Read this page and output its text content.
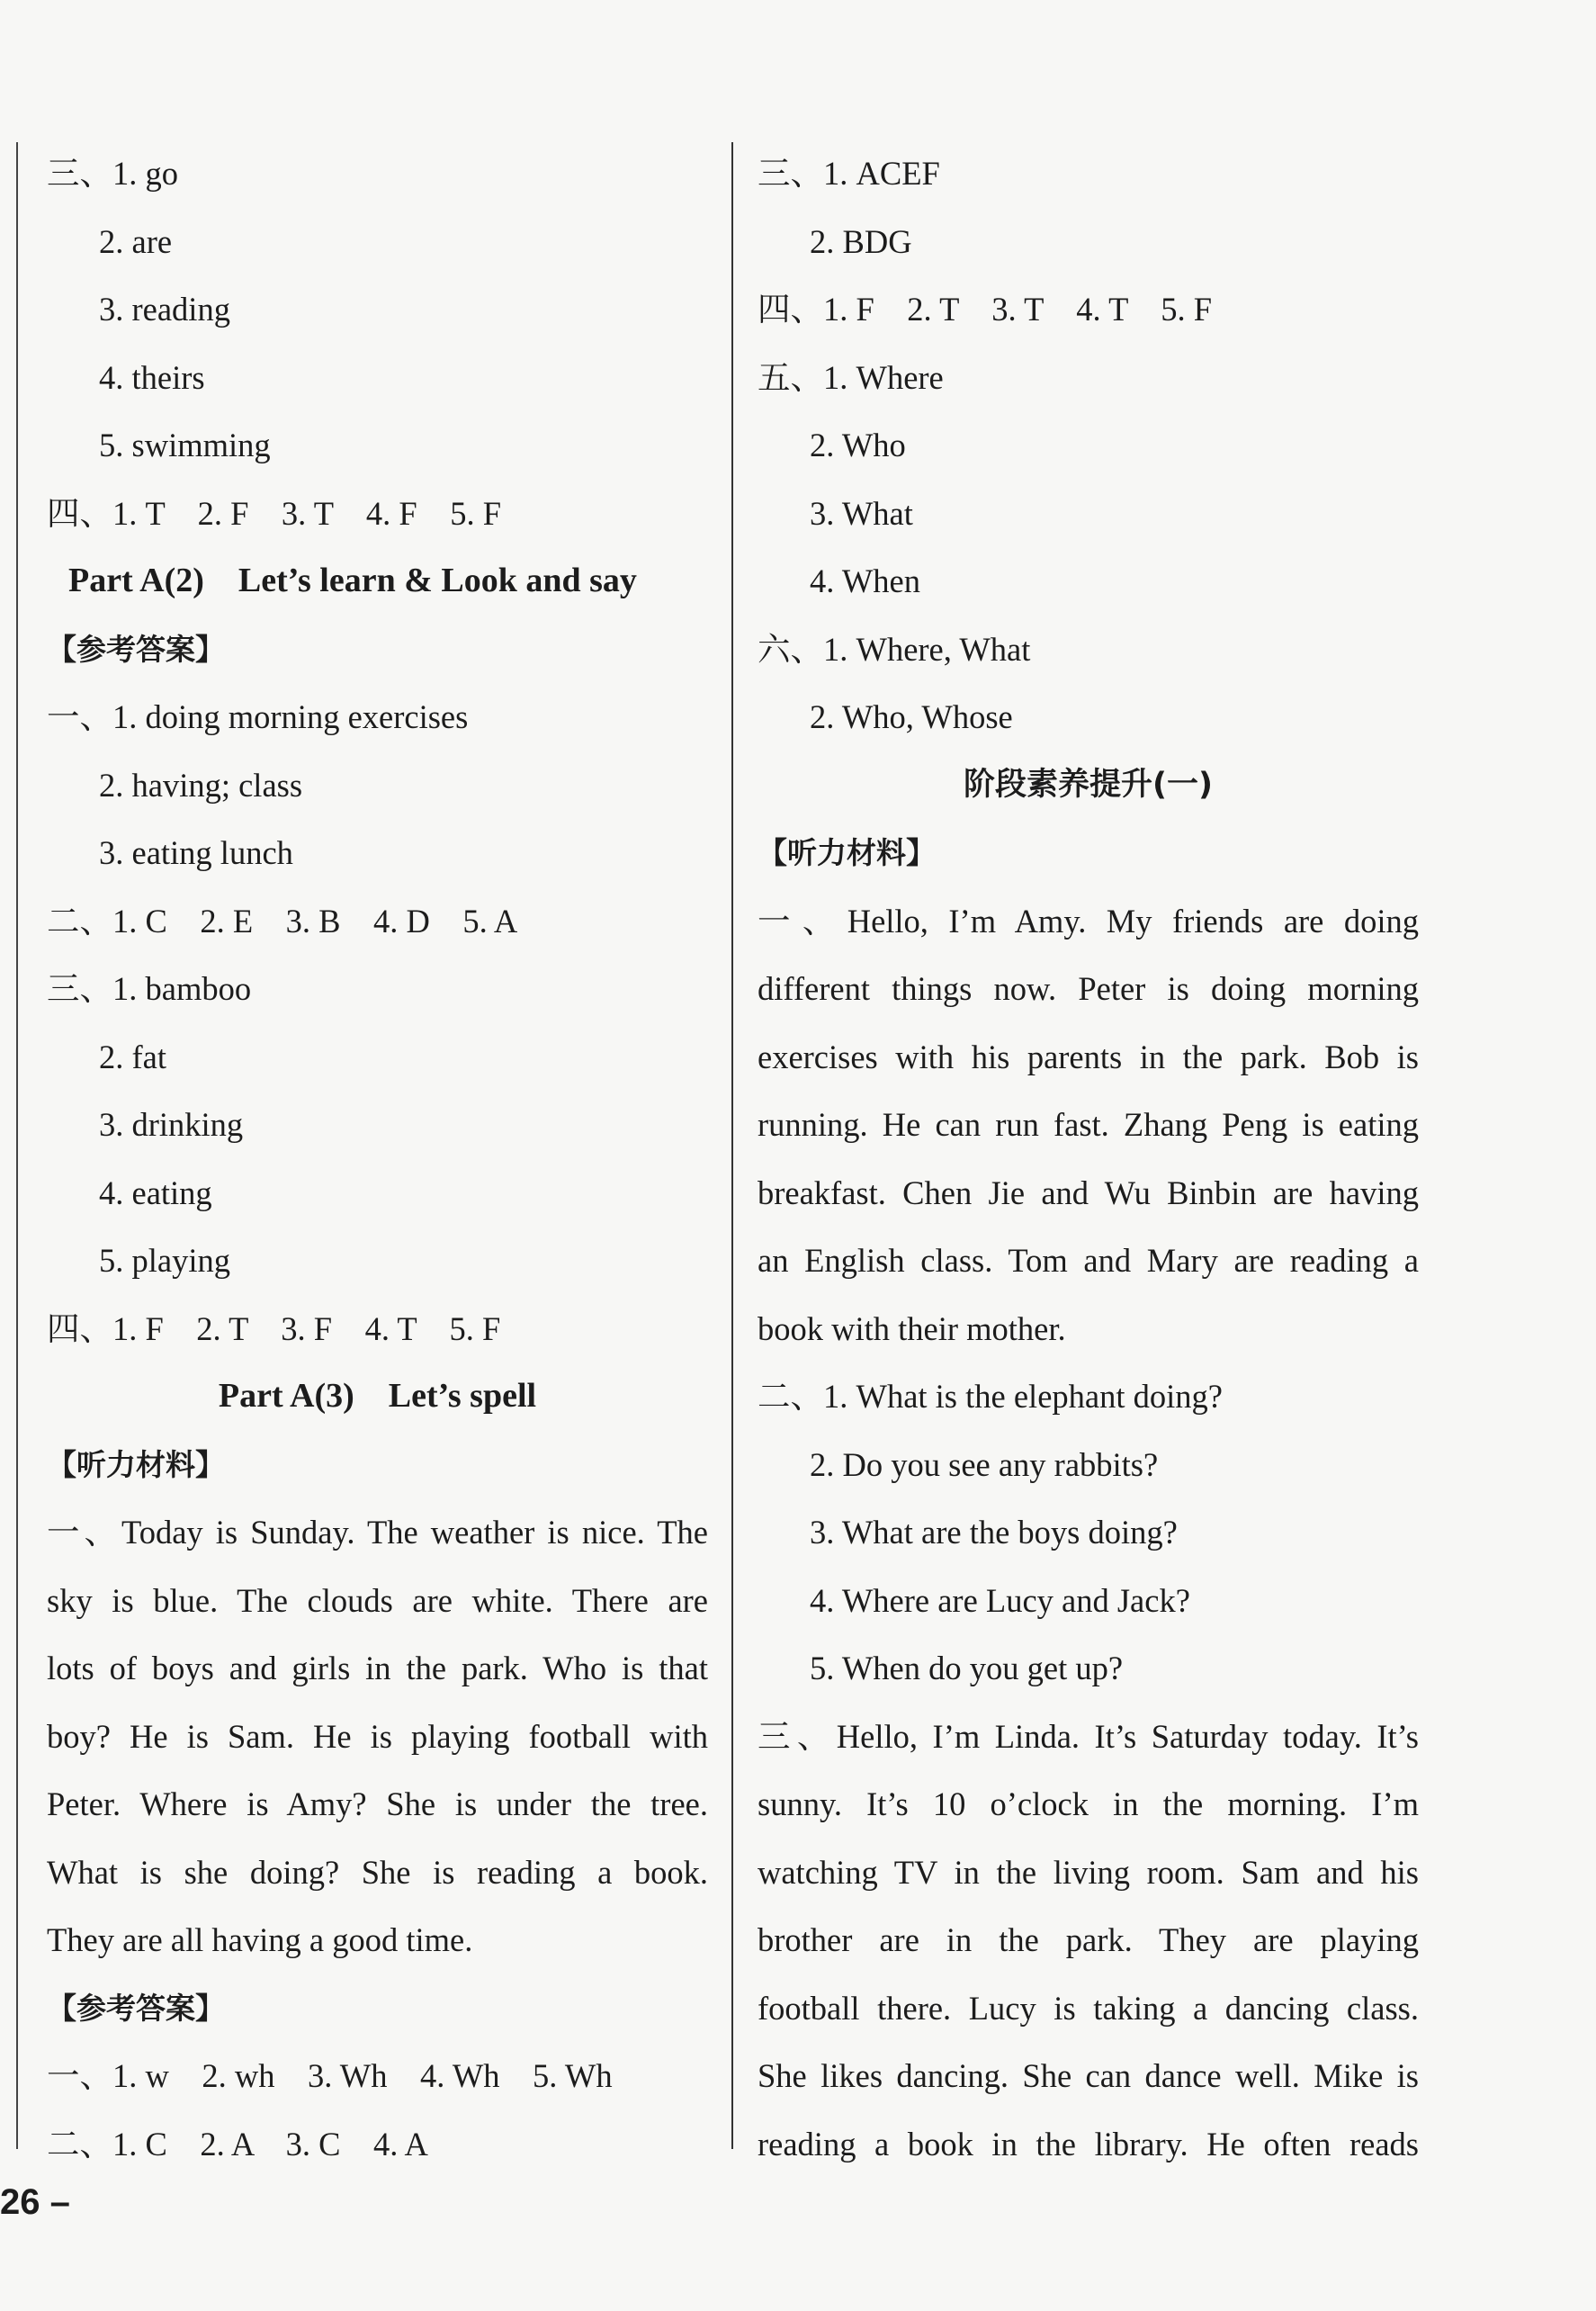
三、1. go
2. are
3. reading
4. theirs
5. swimming
四、1. T    2. F    3. T    4. F    5. F
Part A(2)    Let’s learn & Look and say
【参考答案】
一、1. doing morning exercises
2. having; class
3. eating lunch
二、1. C    2. E    3. B    4. D    5. A
三、1. bamboo
2. fat
3. drinking
4. eating
5. playing
四、1. F    2. T    3. F    4. T    5. F
Part A(3)    Let’s spell
【听力材料】
一、Today is Sunday. The weather is nice. The
sky is blue. The clouds are white. There are
lots of boys and girls in the park. Who is that
boy? He is Sam. He is playing football with
Peter. Where is Amy? She is under the tree.
What is she doing? She is reading a book.
They are all having a good time.
【参考答案】
一、1. w    2. wh    3. Wh    4. Wh    5. Wh
二、1. C    2. A    3. C    4. A
三、1. ACEF
2. BDG
四、1. F    2. T    3. T    4. T    5. F
五、1. Where
2. Who
3. What
4. When
六、1. Where, What
2. Who, Whose
阶段素养提升(一)
【听力材料】
一、Hello, I’m Amy. My friends are doing
different things now. Peter is doing morning
exercises with his parents in the park. Bob is
running. He can run fast. Zhang Peng is eating
breakfast. Chen Jie and Wu Binbin are having
an English class. Tom and Mary are reading a
book with their mother.
二、1. What is the elephant doing?
2. Do you see any rabbits?
3. What are the boys doing?
4. Where are Lucy and Jack?
5. When do you get up?
三、Hello, I’m Linda. It’s Saturday today. It’s
sunny. It’s 10 o’clock in the morning. I’m
watching TV in the living room. Sam and his
brother are in the park. They are playing
football there. Lucy is taking a dancing class.
She likes dancing. She can dance well. Mike is
reading a book in the library. He often reads
26 –
